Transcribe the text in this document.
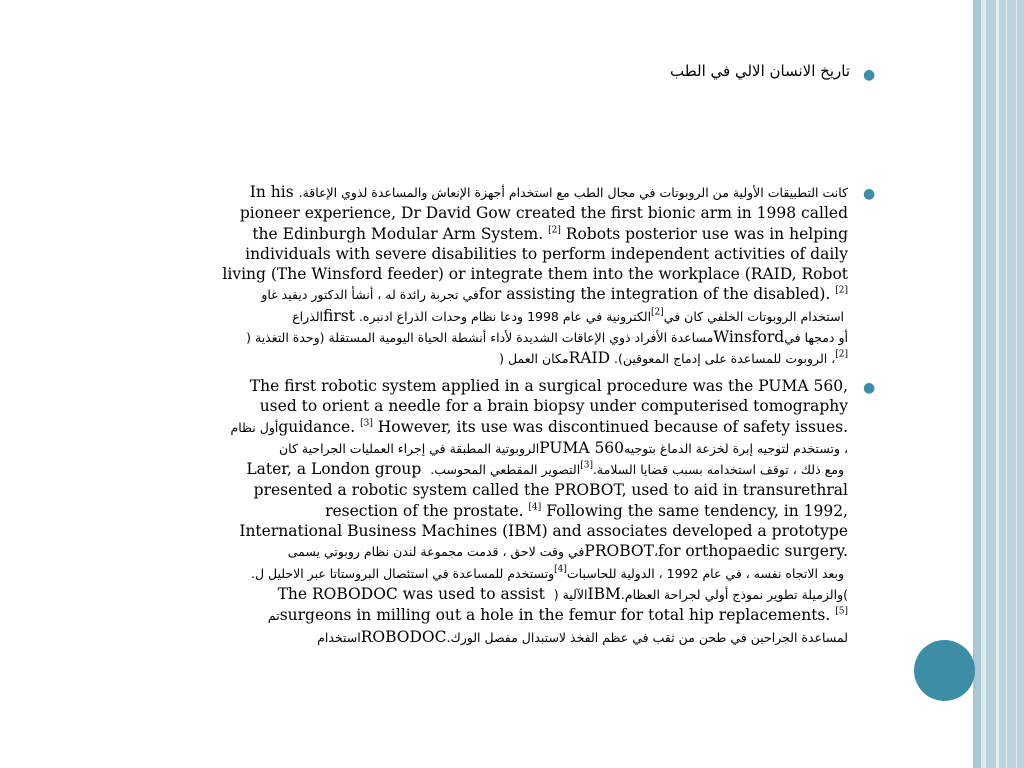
●
تاريخ الانسان الالي في الطب
●
In his كانت التطبيقات الأولية من الروبوتات في مجال الطب مع استخدام أجهزة الإنعاش والمساعدة لذوي الإعاقة.
pioneer experience, Dr David Gow created the first bionic arm in 1998 called
the Edinburgh Modular Arm System. [2] Robots posterior use was in helping
individuals with severe disabilities to perform independent activities of daily
living (The Winsford feeder) or integrate them into the workplace (RAID, Robot
في تجربة رائدة له ، أنشأ الدكتور ديفيد غاوfor assisting the integration of the disabled). [2]
الذراع firstالكترونية في عام 1998 ودعا نظام وحدات الذراع ادنبره. [2] استخدام الروبوتات الخلفي كان في
مساعدة الأفراد ذوي الإعاقات الشديدة لأداء أنشطة الحياة اليومية المستقلة (وحدة التغذية (Winsfordأو دمجها في
مكان العمل ( RAID، الروبوت للمساعدة على إدماج المعوقين). [2]
●
The first robotic system applied in a surgical procedure was the PUMA 560,
used to orient a needle for a brain biopsy under computerised tomography
أول نظامguidance. [3] However, its use was discontinued because of safety issues.
الروبوتية المطبقة في إجراء العمليات الجراحية كان PUMA 560، وتستخدم لتوجيه إبرة لخزعة الدماغ بتوجيه
Later, a London group التصوير المقطعي المحوسب. [3] ومع ذلك ، توقف استخدامه بسبب قضايا السلامة.
presented a robotic system called the PROBOT, used to aid in transurethral
resection of the prostate. [4] Following the same tendency, in 1992,
International Business Machines (IBM) and associates developed a prototype
في وقت لاحق ، قدمت مجموعة لندن نظام روبوتي يسمى PROBOT،for orthopaedic surgery.
وتستخدم للمساعدة في استئصال البروستاتا عبر الاحليل ل. [4] وبعد الاتجاه نفسه ، في عام 1992 ، الدولية للحاسبات
The ROBODOC was used to assist الآلية ( IBM)والزميلة تطوير نموذج أولي لجراحة العظام.
تمsurgeons in milling out a hole in the femur for total hip replacements. [5]
استخدام ROBODOCلمساعدة الجراحين في طحن من ثقب في عظم الفخذ لاستبدال مفصل الورك.
